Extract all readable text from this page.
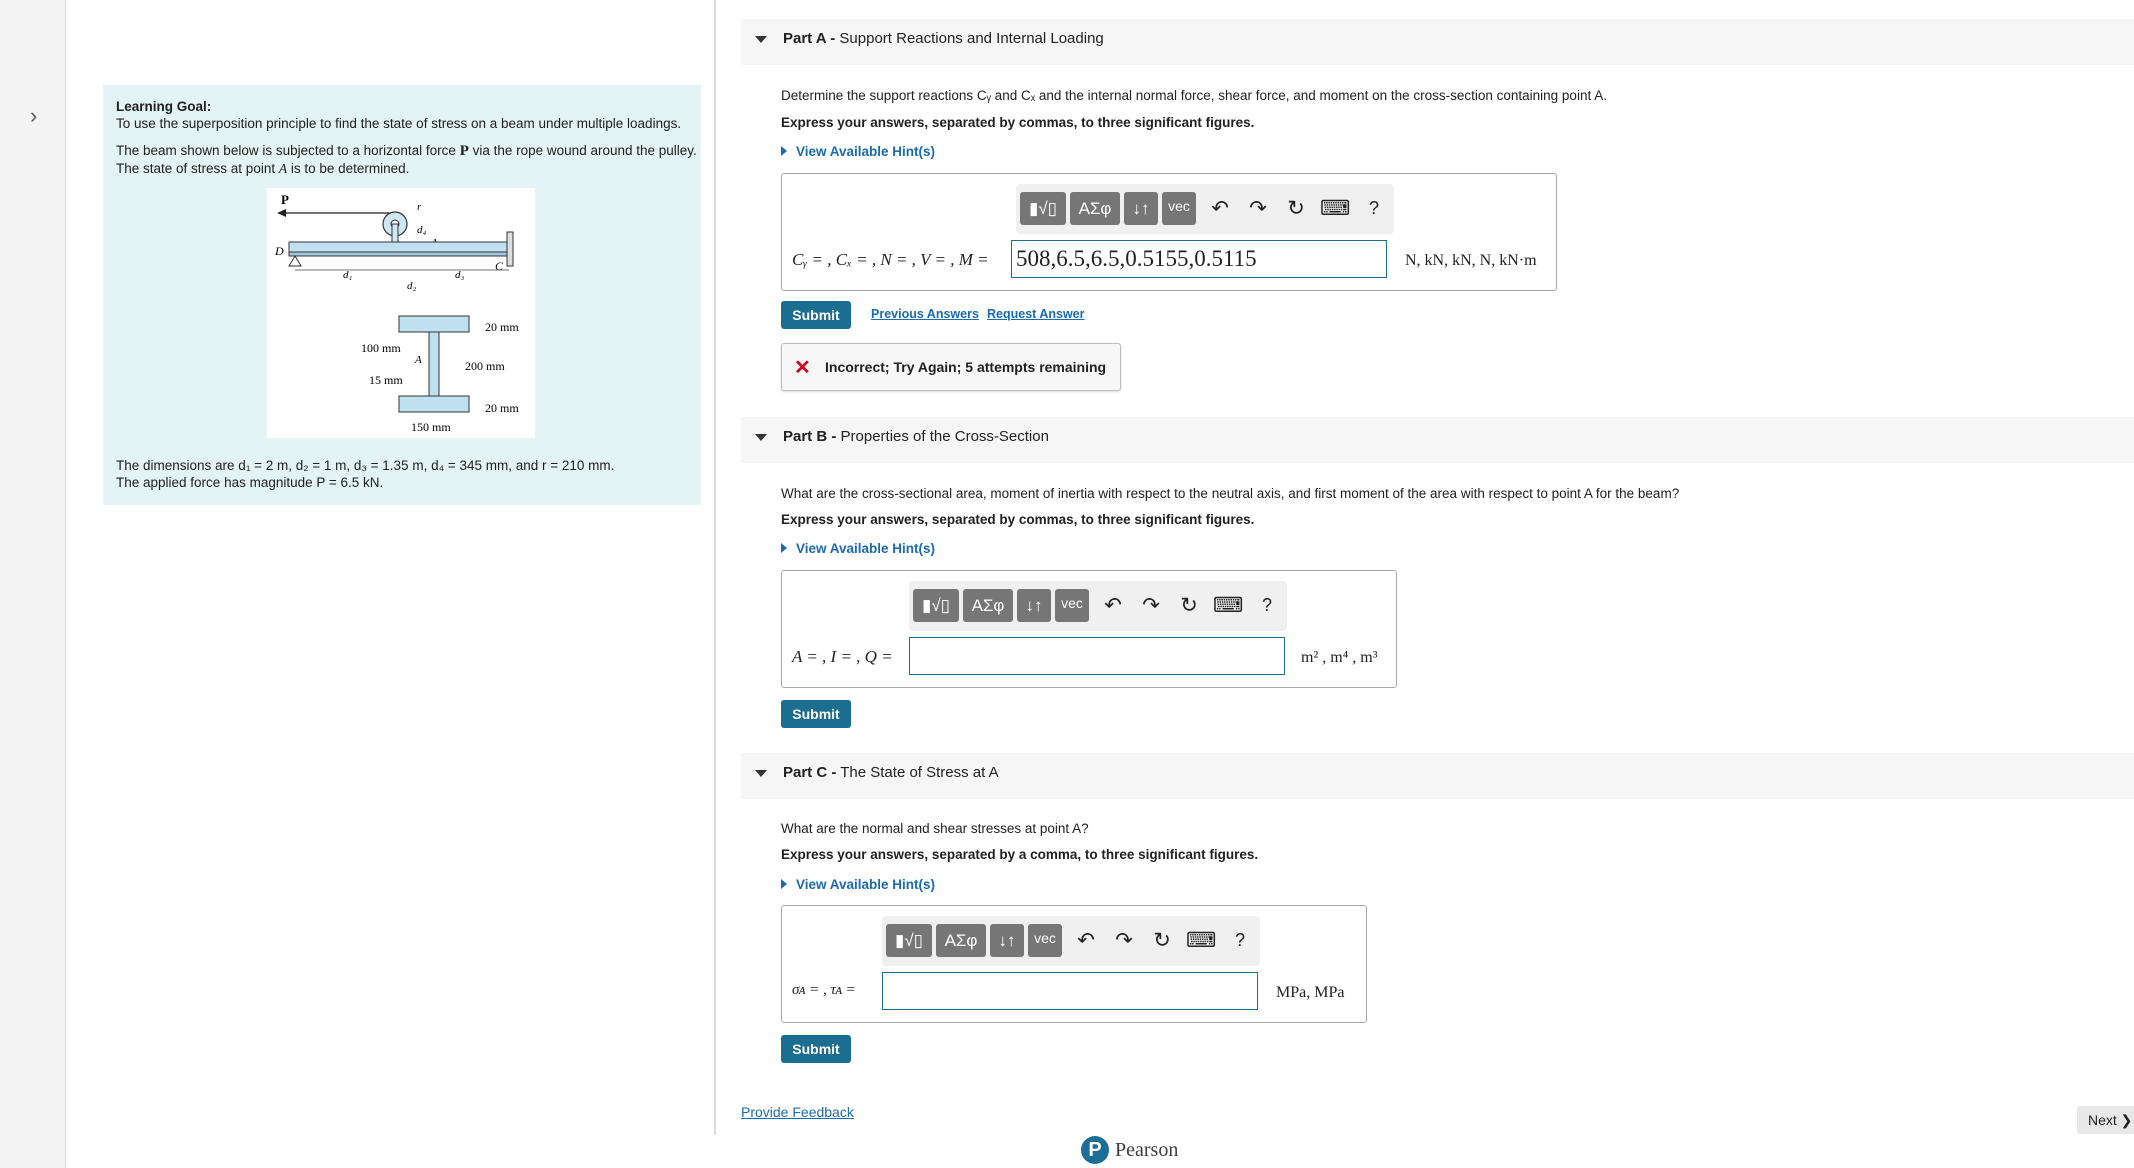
›	Learning Goal:
To use the superposition principle to find the state of stress on a beam under multiple loadings.
The beam shown below is subjected to a horizontal force P via the rope wound around the pulley.
The state of stress at point A is to be determined.
P	r
d₄
D
C
d₁
d₂
d₃
20 mm
100 mm
A	200 mm
15 mm
20 mm
150 mm
The dimensions are d₁ = 2 m, d₂ = 1 m, d₃ = 1.35 m, d₄ = 345 mm, and r = 210 mm.
The applied force has magnitude P = 6.5 kN.
Part A - Support Reactions and Internal Loading
Determine the support reactions Cᵧ and Cₓ and the internal normal force, shear force, and moment on the cross-section containing point A.
Express your answers, separated by commas, to three significant figures.
View Available Hint(s)
▮√▯	ΑΣφ	↓↑	vec ↶ ↷ ↻ ⌨	?
Cᵧ = , Cₓ = , N = , V = , M = 508,6.5,6.5,0.5155,0.5115	N, kN, kN, N, kN·m
Submit	Previous Answers Request Answer
✕ Incorrect; Try Again; 5 attempts remaining
Part B - Properties of the Cross-Section
What are the cross-sectional area, moment of inertia with respect to the neutral axis, and first moment of the area with respect to point A for the beam?
Express your answers, separated by commas, to three significant figures.
View Available Hint(s)
▮√▯	ΑΣφ	↓↑	vec ↶ ↷ ↻ ⌨	?
A = , I = , Q =	m² , m⁴ , m³
Submit
Part C - The State of Stress at A
What are the normal and shear stresses at point A?
Express your answers, separated by a comma, to three significant figures.
View Available Hint(s)
▮√▯	ΑΣφ	↓↑	vec ↶ ↷ ↻ ⌨	?
σᴀ = , τᴀ =	MPa, MPa
Submit
Provide Feedback
P Pearson
Next ❯
